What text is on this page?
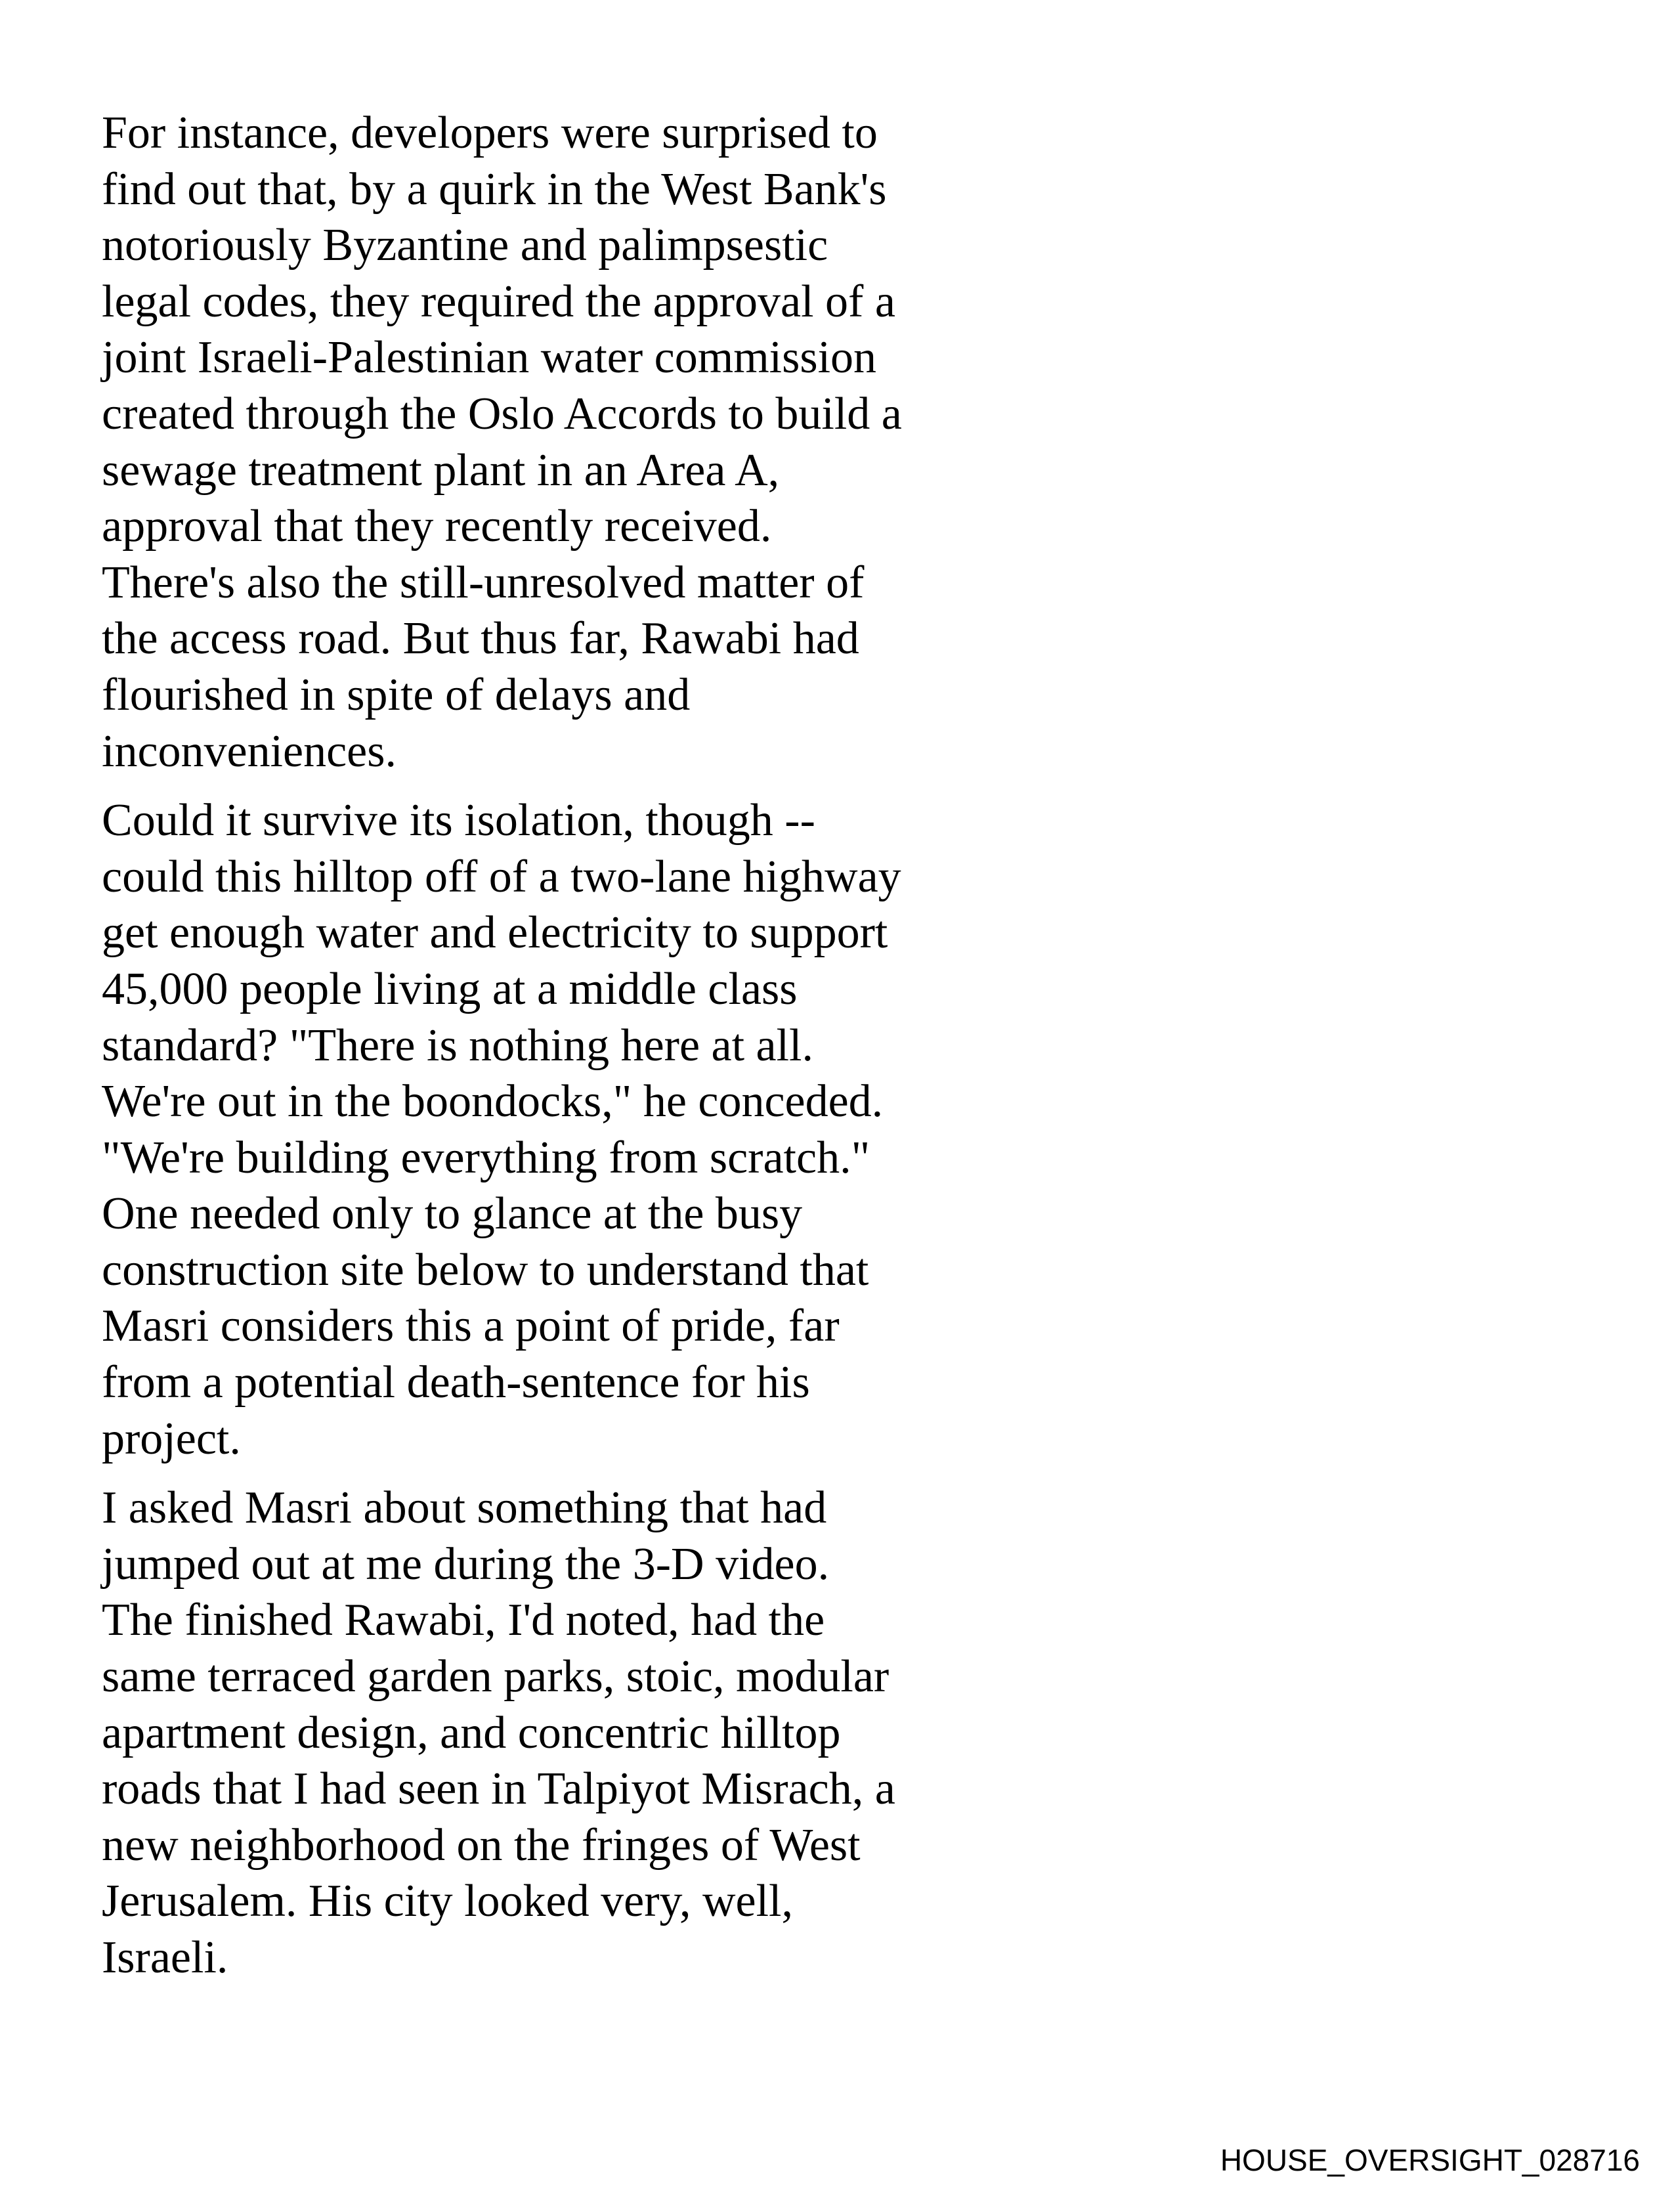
For instance, developers were surprised to
find out that, by a quirk in the West Bank's
notoriously Byzantine and palimpsestic
legal codes, they required the approval of a
joint Israeli-Palestinian water commission
created through the Oslo Accords to build a
sewage treatment plant in an Area A,
approval that they recently received.
There's also the still-unresolved matter of
the access road. But thus far, Rawabi had
flourished in spite of delays and
inconveniences.

Could it survive its isolation, though --
could this hilltop off of a two-lane highway
get enough water and electricity to support
45,000 people living at a middle class
standard? "There is nothing here at all.
We're out in the boondocks," he conceded.
"We're building everything from scratch."
One needed only to glance at the busy
construction site below to understand that
Masri considers this a point of pride, far
from a potential death-sentence for his
project.

I asked Masri about something that had
jumped out at me during the 3-D video.
The finished Rawabi, I'd noted, had the
same terraced garden parks, stoic, modular
apartment design, and concentric hilltop
roads that I had seen in Talpiyot Misrach, a
new neighborhood on the fringes of West
Jerusalem. His city looked very, well,
Israeli.

HOUSE_OVERSIGHT_028716
